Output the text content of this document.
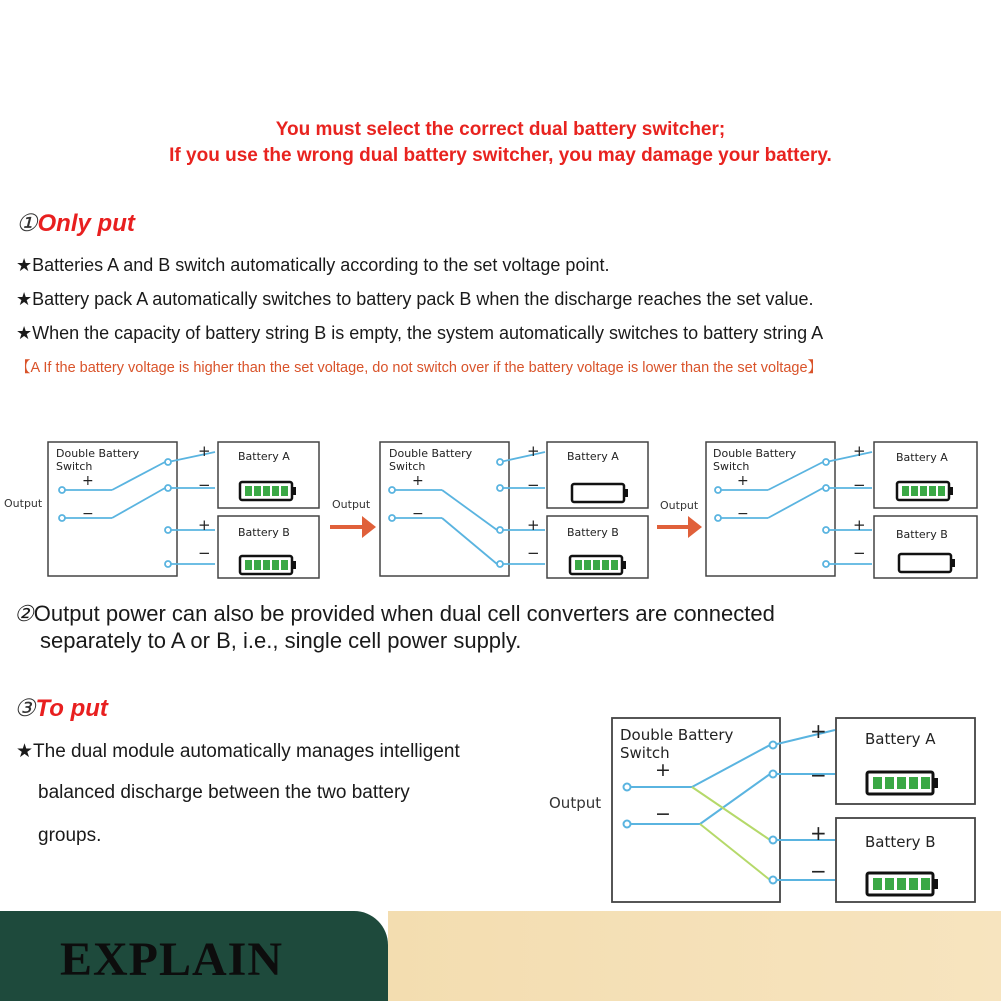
You must select the correct dual battery switcher;
If you use the wrong dual battery switcher, you may damage your battery.
①Only put
★Batteries A and B switch automatically according to the set voltage point.
★Battery pack A automatically switches to battery pack B when the discharge reaches the set value.
★When the capacity of battery string B is empty, the system automatically switches to battery string A
【A If the battery voltage is higher than the set voltage, do not switch over if the battery voltage is lower than the set voltage】
Double Battery
Switch
Output
+
−
+
−
+
−
Battery A
Battery B
Double Battery
Switch
Output
+
−
+
−
+
−
Battery A
Battery B
Double Battery
Switch
Output
+
−
+
−
+
−
Battery A
Battery B
②Output power can also be provided when dual cell converters are connected
separately to A or B, i.e., single cell power supply.
③To put
★The dual module automatically manages intelligent
balanced discharge between the two battery
groups.
Double Battery
Switch
Output
+
−
+
−
+
−
Battery A
Battery B
EXPLAIN
